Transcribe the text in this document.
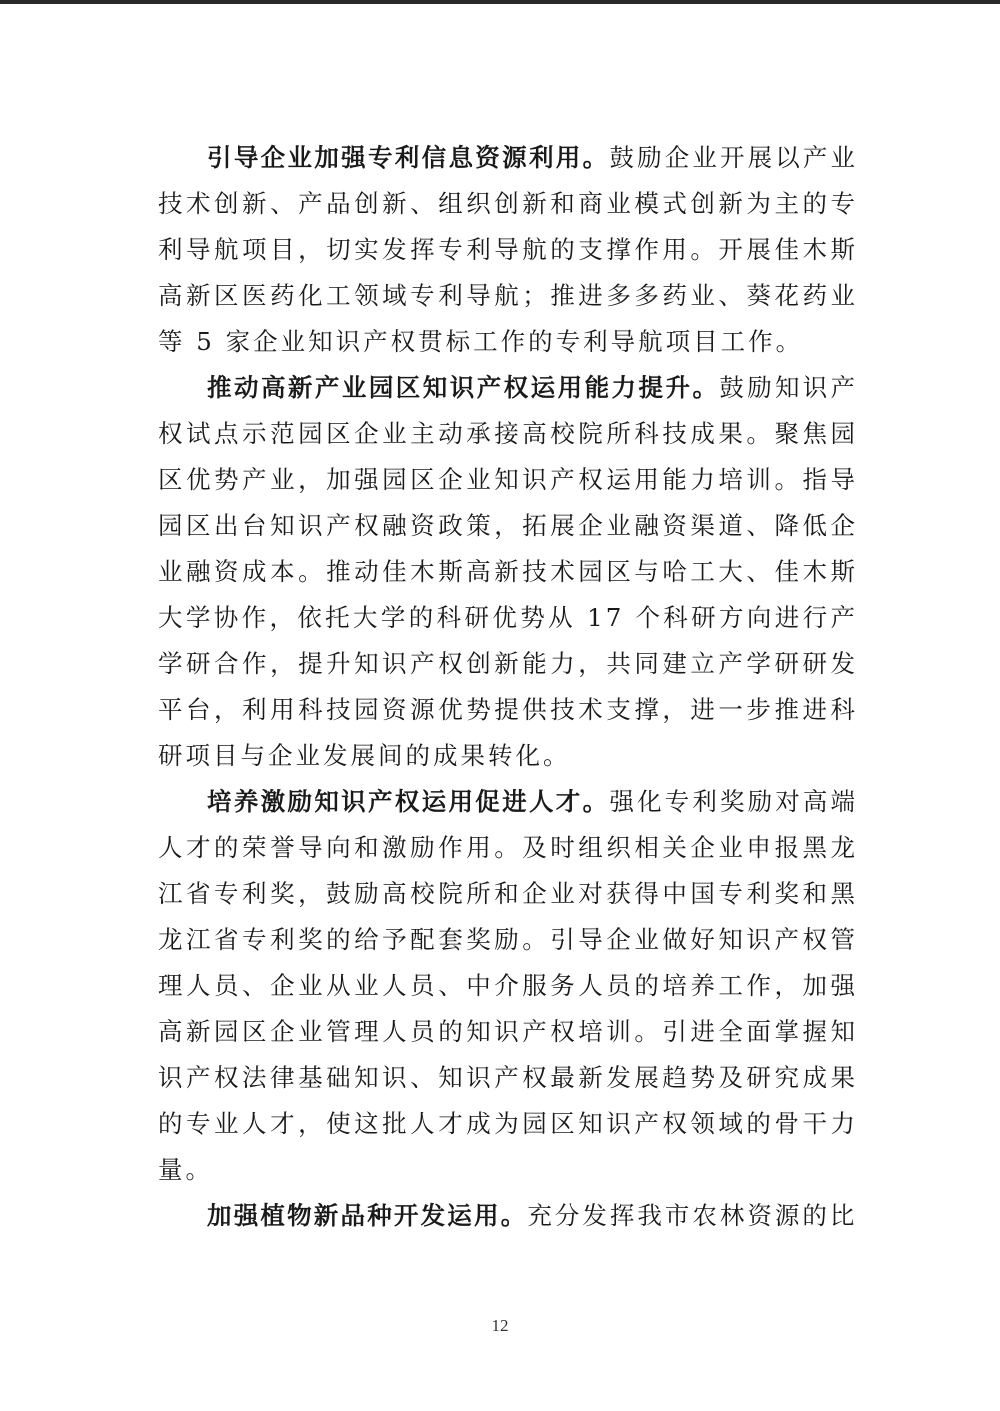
引导企业加强专利信息资源利用。鼓励企业开展以产业技术创新、产品创新、组织创新和商业模式创新为主的专利导航项目，切实发挥专利导航的支撑作用。开展佳木斯高新区医药化工领域专利导航；推进多多药业、葵花药业等 5 家企业知识产权贯标工作的专利导航项目工作。

推动高新产业园区知识产权运用能力提升。鼓励知识产权试点示范园区企业主动承接高校院所科技成果。聚焦园区优势产业，加强园区企业知识产权运用能力培训。指导园区出台知识产权融资政策，拓展企业融资渠道、降低企业融资成本。推动佳木斯高新技术园区与哈工大、佳木斯大学协作，依托大学的科研优势从 17 个科研方向进行产学研合作，提升知识产权创新能力，共同建立产学研研发平台，利用科技园资源优势提供技术支撑，进一步推进科研项目与企业发展间的成果转化。

培养激励知识产权运用促进人才。强化专利奖励对高端人才的荣誉导向和激励作用。及时组织相关企业申报黑龙江省专利奖，鼓励高校院所和企业对获得中国专利奖和黑龙江省专利奖的给予配套奖励。引导企业做好知识产权管理人员、企业从业人员、中介服务人员的培养工作，加强高新园区企业管理人员的知识产权培训。引进全面掌握知识产权法律基础知识、知识产权最新发展趋势及研究成果的专业人才，使这批人才成为园区知识产权领域的骨干力量。

加强植物新品种开发运用。充分发挥我市农林资源的比

12
